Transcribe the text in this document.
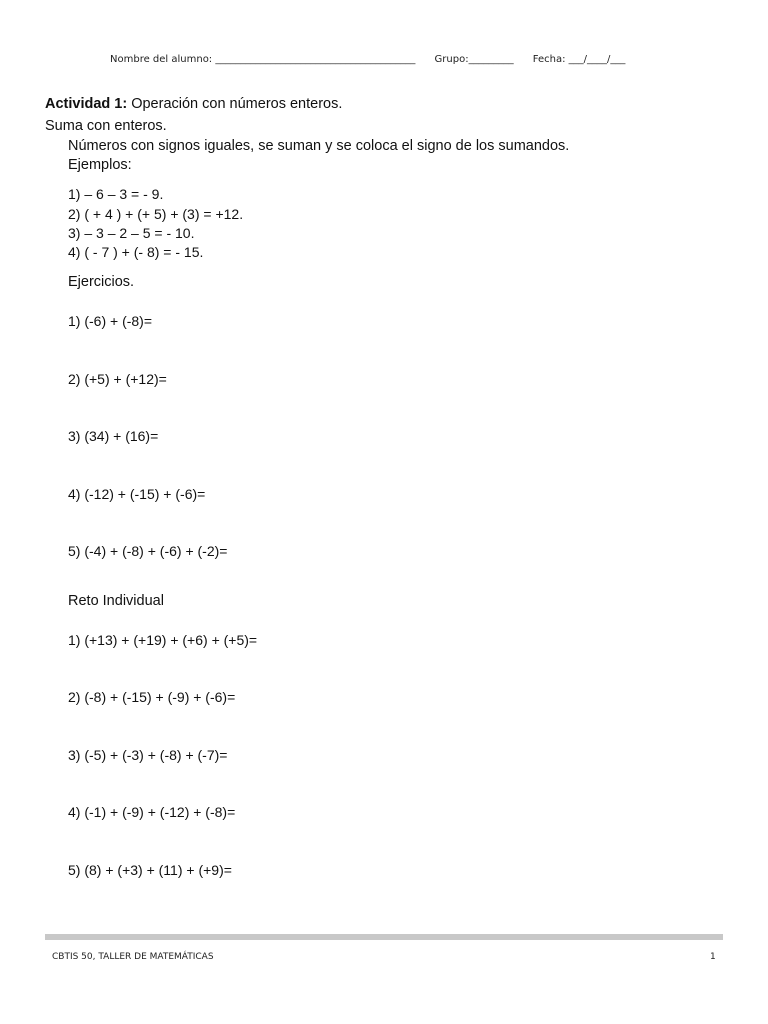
Nombre del alumno: ________________________________________ Grupo:_________ Fecha: ___/____/___
Actividad 1: Operación con números enteros.
Suma con enteros.
Números con signos iguales, se suman y se coloca el signo de los sumandos.
Ejemplos:
1) – 6 – 3 = - 9.
2) ( + 4 ) + (+ 5) + (3) = +12.
3) – 3 – 2 – 5 = - 10.
4) ( - 7 ) + (- 8) = - 15.
Ejercicios.
1) (-6) + (-8)=
2) (+5) + (+12)=
3) (34) + (16)=
4) (-12) + (-15) + (-6)=
5) (-4) + (-8) + (-6) + (-2)=
Reto Individual
1) (+13) + (+19) + (+6) + (+5)=
2) (-8) + (-15) + (-9) + (-6)=
3) (-5) + (-3) + (-8) + (-7)=
4) (-1) + (-9) + (-12) + (-8)=
5) (8) + (+3) + (11) + (+9)=
CBTIS 50, TALLER DE MATEMÁTICAS	1
